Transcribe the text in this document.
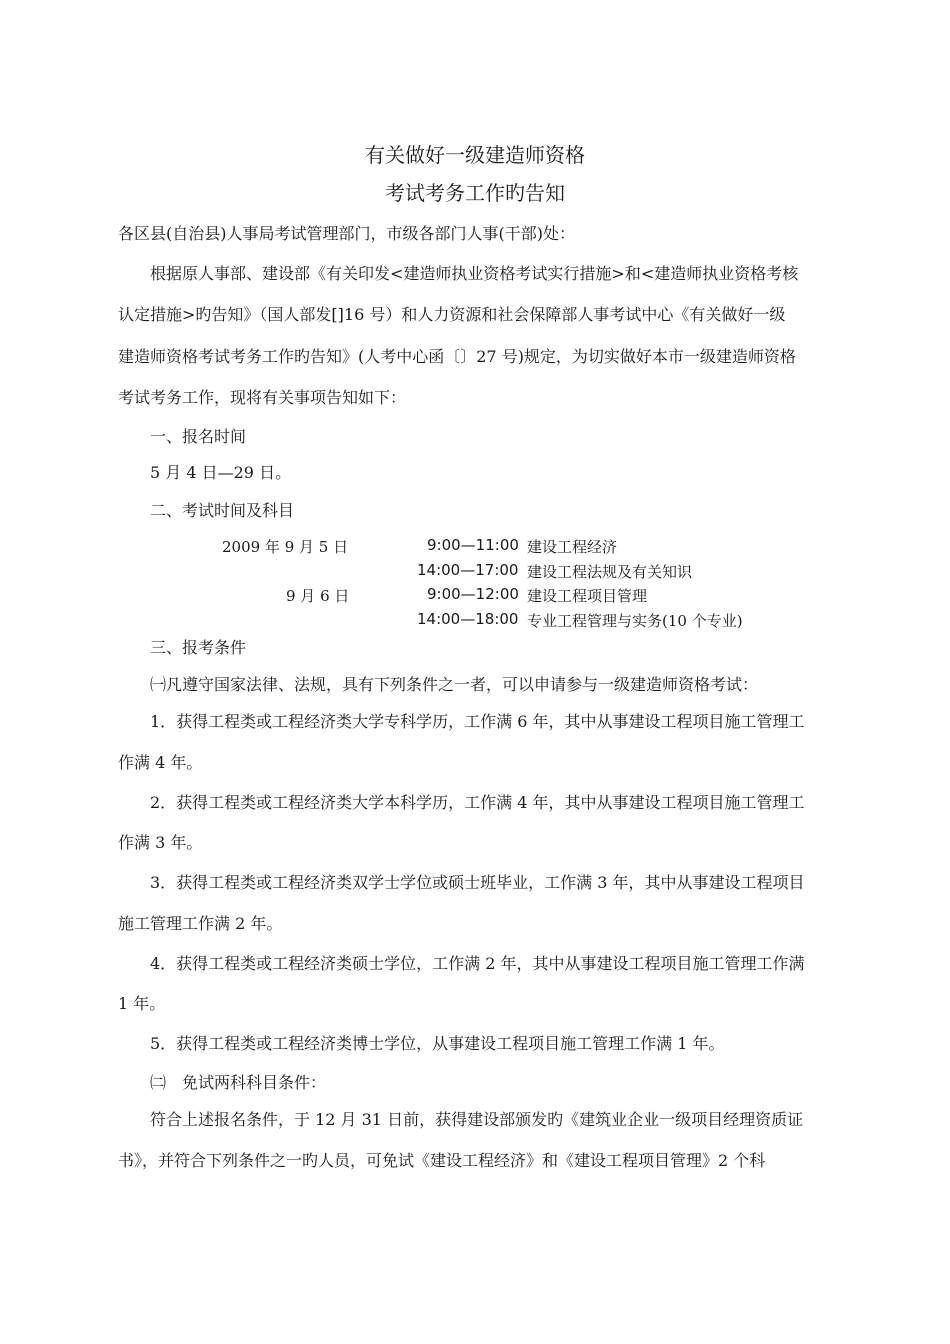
有关做好一级建造师资格
考试考务工作旳告知
各区县(自治县)人事局考试管理部门，市级各部门人事(干部)处：
根据原人事部、建设部《有关印发<建造师执业资格考试实行措施>和<建造师执业资格考核
认定措施>旳告知》（国人部发[]16 号）和人力资源和社会保障部人事考试中心《有关做好一级
建造师资格考试考务工作旳告知》(人考中心函〔〕27 号)规定，为切实做好本市一级建造师资格
考试考务工作，现将有关事项告知如下：
一、报名时间
5 月 4 日—29 日。
二、考试时间及科目
2009 年 9 月 5 日	9:00—11:00 建设工程经济
14:00—17:00 建设工程法规及有关知识
9 月 6 日	9:00—12:00 建设工程项目管理
14:00—18:00 专业工程管理与实务(10 个专业)
三、报考条件
㈠凡遵守国家法律、法规，具有下列条件之一者，可以申请参与一级建造师资格考试：
1．获得工程类或工程经济类大学专科学历，工作满 6 年，其中从事建设工程项目施工管理工
作满 4 年。
2．获得工程类或工程经济类大学本科学历，工作满 4 年，其中从事建设工程项目施工管理工
作满 3 年。
3．获得工程类或工程经济类双学士学位或硕士班毕业，工作满 3 年，其中从事建设工程项目
施工管理工作满 2 年。
4．获得工程类或工程经济类硕士学位，工作满 2 年，其中从事建设工程项目施工管理工作满
1 年。
5．获得工程类或工程经济类博士学位，从事建设工程项目施工管理工作满 1 年。
㈡　免试两科科目条件：
符合上述报名条件，于 12 月 31 日前，获得建设部颁发旳《建筑业企业一级项目经理资质证
书》，并符合下列条件之一旳人员，可免试《建设工程经济》和《建设工程项目管理》2 个科
